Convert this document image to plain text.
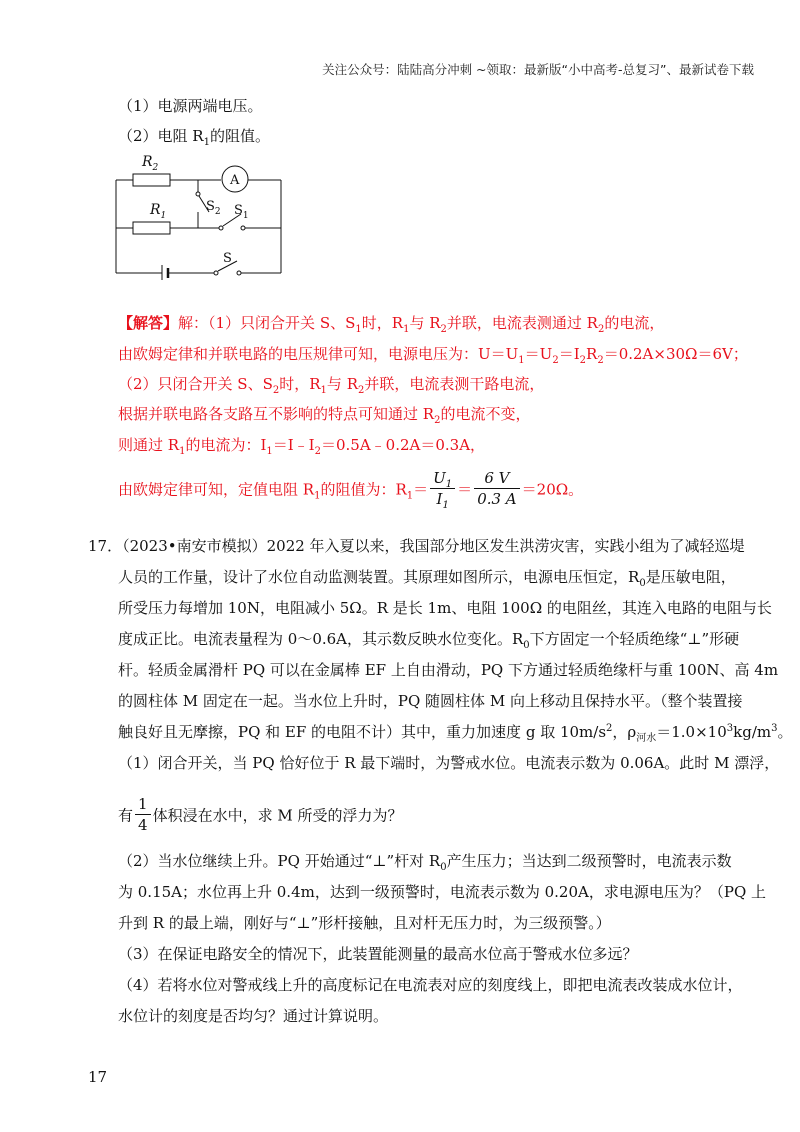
关注公众号：陆陆高分冲刺 ~领取：最新版“小中高考-总复习”、最新试卷下载
（1）电源两端电压。
（2）电阻 $R_1$的阻值。
$R_2$
$R_1$
A
$S_2$ $S_1$
S
【解答】解：（1）只闭合开关 S、$S_1$时，$R_1$与 $R_2$并联，电流表测通过 $R_2$的电流，
由欧姆定律和并联电路的电压规律可知，电源电压为：$U=U_1=U_2=I_2R_2=0.2A\times 30\Omega=6V$；
（2）只闭合开关 S、$S_2$时，$R_1$与 $R_2$并联，电流表测干路电流，
根据并联电路各支路互不影响的特点可知通过 $R_2$的电流不变，
则通过 $R_1$的电流为：$I_1=I﹣I_2=0.5A﹣0.2A=0.3A$，
由欧姆定律可知，定值电阻 $R_1$的阻值为：$R_1= \frac{U_1}{I_1} = \frac{6 V}{0.3 A} =20\Omega$。
17．（2023•南安市模拟）2022 年入夏以来，我国部分地区发生洪涝灾害，实践小组为了减轻巡堤
人员的工作量，设计了水位自动监测装置。其原理如图所示，电源电压恒定，$R_0$是压敏电阻，
所受压力每增加 10N，电阻减小 5Ω。R 是长 1m、电阻 100Ω 的电阻丝，其连入电路的电阻与长
度成正比。电流表量程为 0～0.6A，其示数反映水位变化。$R_0$下方固定一个轻质绝缘“⊥”形硬
杆。轻质金属滑杆 PQ 可以在金属棒 EF 上自由滑动，PQ 下方通过轻质绝缘杆与重 100N、高 4m
的圆柱体 M 固定在一起。当水位上升时，PQ 随圆柱体 M 向上移动且保持水平。（整个装置接
触良好且无摩擦，PQ 和 EF 的电阻不计）其中，重力加速度 g 取 $10m/s^2$，$\rho_{河水}=1.0\times 10^3kg/m^3$。
（1）闭合开关，当 PQ 恰好位于 R 最下端时，为警戒水位。电流表示数为 0.06A。此时 M 漂浮，
有 $\frac{1}{4}$ 体积浸在水中，求 M 所受的浮力为？
（2）当水位继续上升。PQ 开始通过“⊥”杆对 $R_0$产生压力；当达到二级预警时，电流表示数
为 0.15A；水位再上升 0.4m，达到一级预警时，电流表示数为 0.20A，求电源电压为？（PQ 上
升到 R 的最上端，刚好与“⊥”形杆接触，且对杆无压力时，为三级预警。）
（3）在保证电路安全的情况下，此装置能测量的最高水位高于警戒水位多远？
（4）若将水位对警戒线上升的高度标记在电流表对应的刻度线上，即把电流表改装成水位计，
水位计的刻度是否均匀？通过计算说明。
17
